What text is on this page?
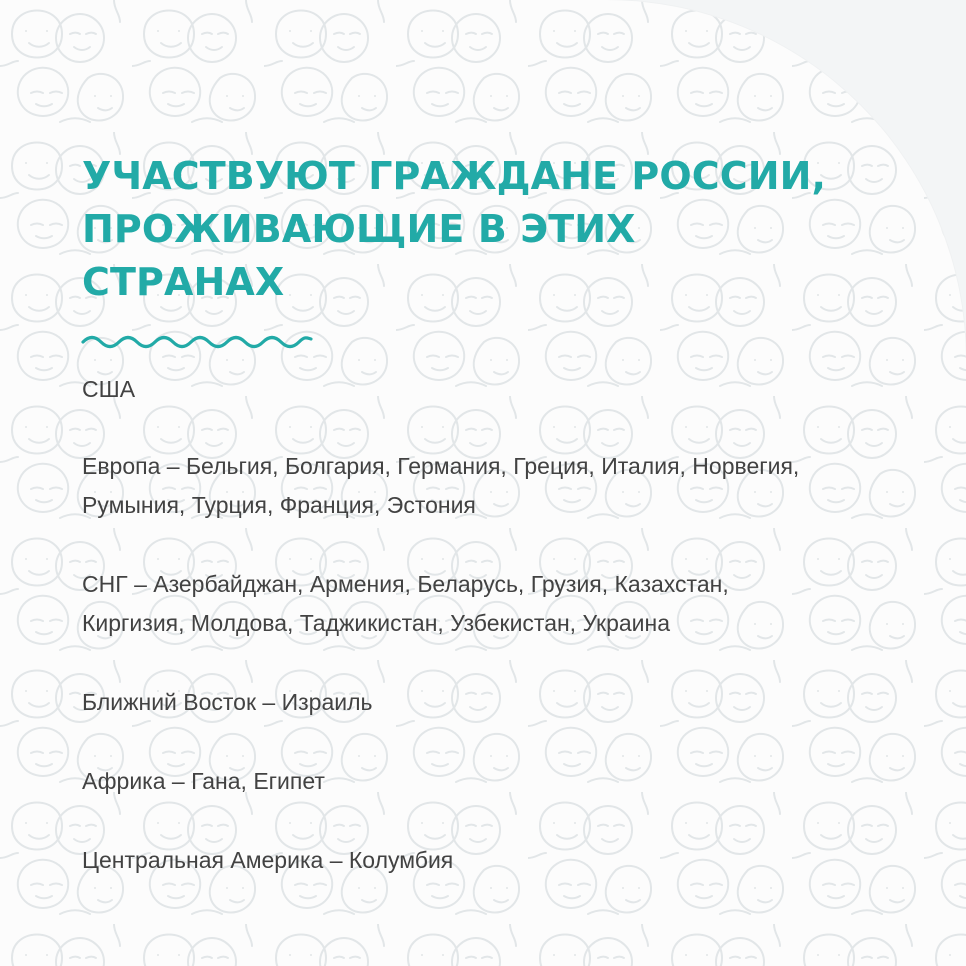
УЧАСТВУЮТ ГРАЖДАНЕ РОССИИ, ПРОЖИВАЮЩИЕ В ЭТИХ СТРАНАХ

США

Европа – Бельгия, Болгария, Германия, Греция, Италия, Норвегия,
Румыния, Турция, Франция, Эстония

СНГ – Азербайджан, Армения, Беларусь, Грузия, Казахстан,
Киргизия, Молдова, Таджикистан, Узбекистан, Украина

Ближний Восток – Израиль

Африка – Гана, Египет

Центральная Америка – Колумбия
